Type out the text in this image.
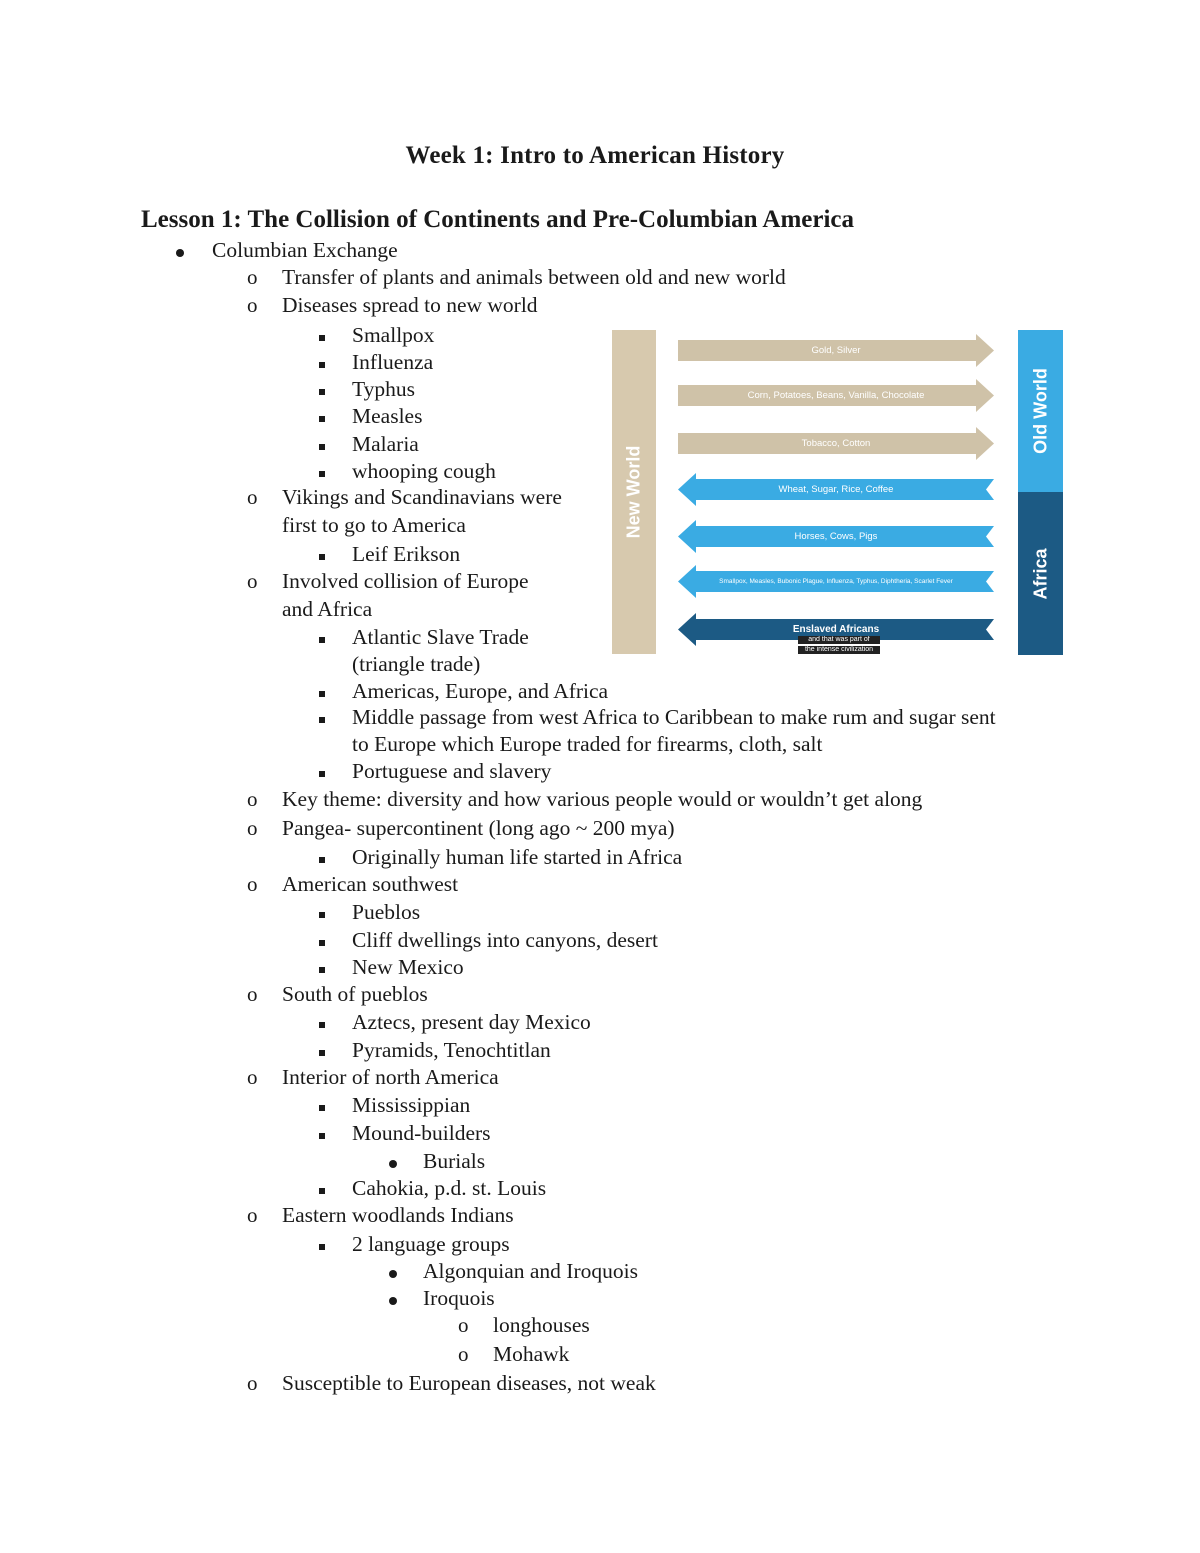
Week 1: Intro to American History
Lesson 1: The Collision of Continents and Pre-Columbian America
Columbian Exchange
o Transfer of plants and animals between old and new world
o Diseases spread to new world
Smallpox
Influenza
Typhus
Measles
Malaria
whooping cough
o Vikings and Scandinavians were
first to go to America
Leif Erikson
o Involved collision of Europe
and Africa
Atlantic Slave Trade
(triangle trade)
Americas, Europe, and Africa
Middle passage from west Africa to Caribbean to make rum and sugar sent
to Europe which Europe traded for firearms, cloth, salt
Portuguese and slavery
o Key theme: diversity and how various people would or wouldn’t get along
o Pangea- supercontinent (long ago ~ 200 mya)
Originally human life started in Africa
o American southwest
Pueblos
Cliff dwellings into canyons, desert
New Mexico
o South of pueblos
Aztecs, present day Mexico
Pyramids, Tenochtitlan
o Interior of north America
Mississippian
Mound-builders
Burials
Cahokia, p.d. st. Louis
o Eastern woodlands Indians
2 language groups
Algonquian and Iroquois
Iroquois
o longhouses
o Mohawk
o Susceptible to European diseases, not weak
New World
Old World
Africa
Gold, Silver
Corn, Potatoes, Beans, Vanilla, Chocolate
Tobacco, Cotton
Wheat, Sugar, Rice, Coffee
Horses, Cows, Pigs
Smallpox, Measles, Bubonic Plague, Influenza, Typhus, Diphtheria, Scarlet Fever
Enslaved Africans
and that was part of
the intense civilization
